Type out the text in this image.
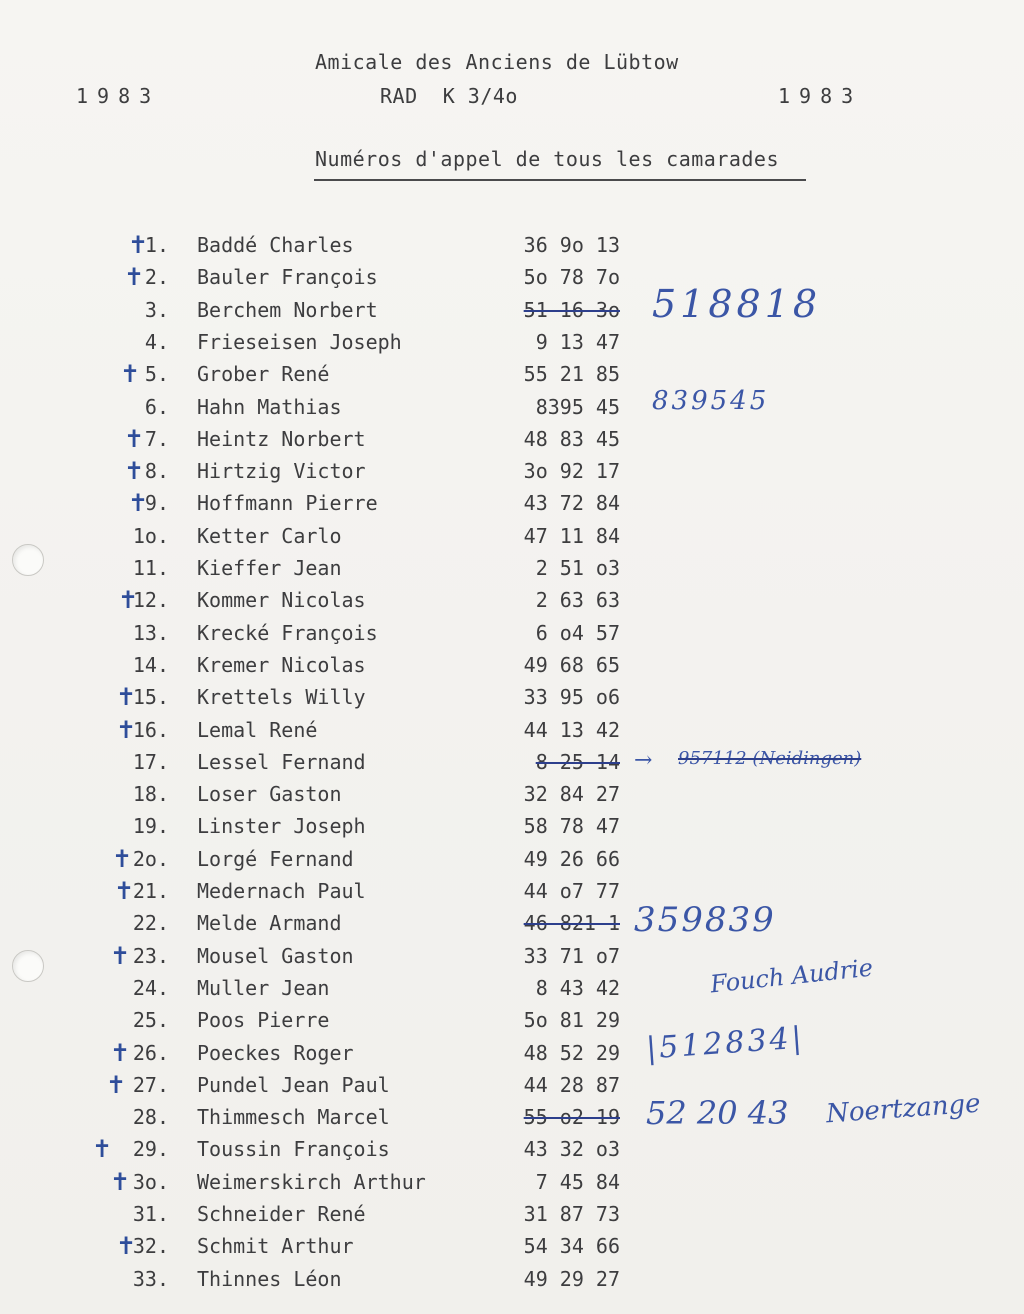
1983
Amicale des Anciens de Lübtow
RAD  K 3/4o	1983
Numéros d'appel de tous les camarades
✝
1. Baddé Charles	36 9o 13
✝ 2. Bauler François	5o 78 7o
3. Berchem Norbert	51 16 3o
4. Frieseisen Joseph	9 13 47
✝ 5. Grober René	55 21 85
6. Hahn Mathias	8395 45
✝ 7. Heintz Norbert	48 83 45
✝ 8. Hirtzig Victor	3o 92 17
✝
9. Hoffmann Pierre	43 72 84
1o. Ketter Carlo	47 11 84
11. Kieffer Jean	2 51 o3
✝
12. Kommer Nicolas	2 63 63
13. Krecké François	6 o4 57
14. Kremer Nicolas	49 68 65
✝
15. Krettels Willy	33 95 o6
✝
16. Lemal René	44 13 42
17. Lessel Fernand	8 25 14
18. Loser Gaston	32 84 27
19. Linster Joseph	58 78 47
✝ 2o. Lorgé Fernand	49 26 66
✝
21. Medernach Paul	44 o7 77
22. Melde Armand	46 821 1
✝ 23. Mousel Gaston	33 71 o7
24. Muller Jean	8 43 42
25. Poos Pierre	5o 81 29
✝ 26. Poeckes Roger	48 52 29
✝ 27. Pundel Jean Paul	44 28 87
28. Thimmesch Marcel	55 o2 19
✝ 29. Toussin François	43 32 o3
✝ 3o. Weimerskirch Arthur	7 45 84
31. Schneider René	31 87 73
✝
32. Schmit Arthur	54 34 66
33. Thinnes Léon	49 29 27
518818
839545
→ 957112 (Neidingen)
359839
Fouch Audrie
|512834|
52 20 43 Noertzange
